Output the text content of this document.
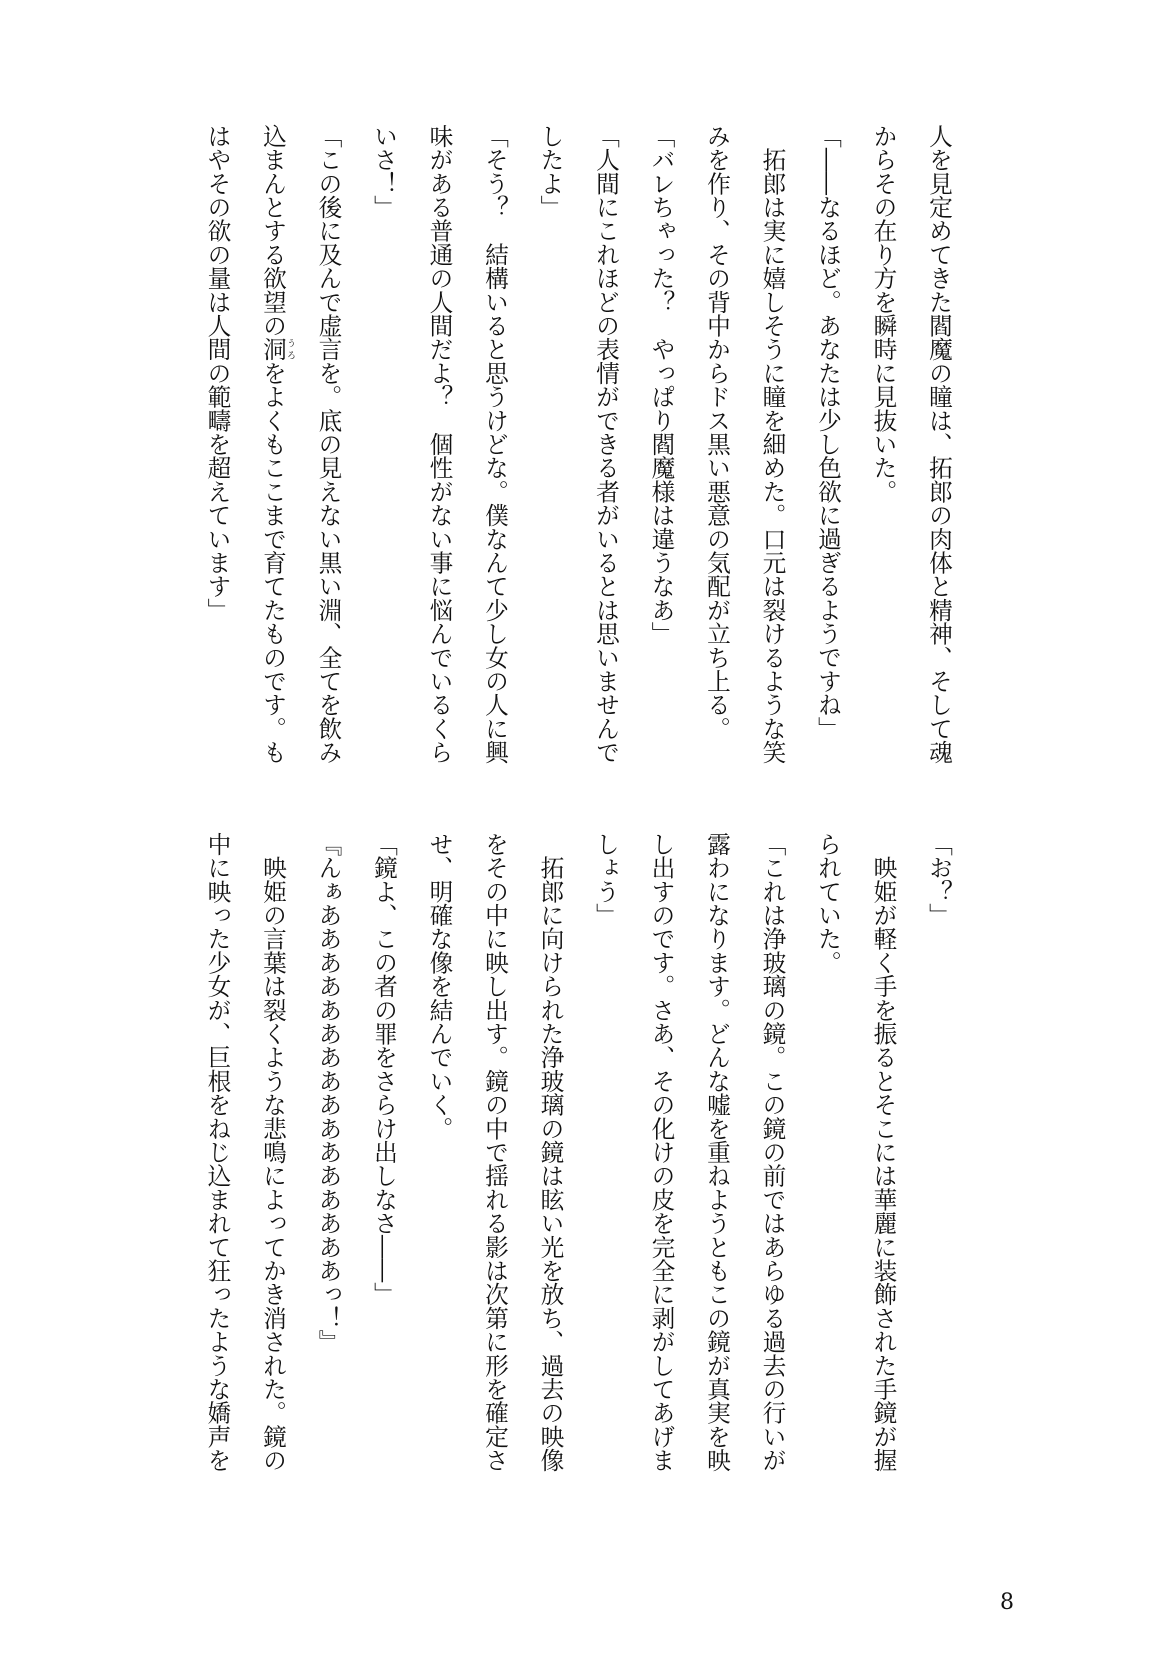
人を見定めてきた閻魔の瞳は、拓郎の肉体と精神、そして魂
からその在り方を瞬時に見抜いた。
「――なるほど。あなたは少し色欲に過ぎるようですね」
　拓郎は実に嬉しそうに瞳を細めた。口元は裂けるような笑
みを作り、その背中からドス黒い悪意の気配が立ち上る。
「バレちゃった？　やっぱり閻魔様は違うなあ」
「人間にこれほどの表情ができる者がいるとは思いませんで
したよ」
「そう？　結構いると思うけどな。僕なんて少し女の人に興
味がある普通の人間だよ？　個性がない事に悩んでいるくら
いさ！」
「この後に及んで虚言を。底の見えない黒い淵、全てを飲み
込まんとする欲望の洞うろをよくもここまで育てたものです。も
はやその欲の量は人間の範疇を超えています」
「お？」
　映姫が軽く手を振るとそこには華麗に装飾された手鏡が握
られていた。
「これは浄玻璃の鏡。この鏡の前ではあらゆる過去の行いが
露わになります。どんな嘘を重ねようともこの鏡が真実を映
し出すのです。さあ、その化けの皮を完全に剥がしてあげま
しょう」
　拓郎に向けられた浄玻璃の鏡は眩い光を放ち、過去の映像
をその中に映し出す。鏡の中で揺れる影は次第に形を確定さ
せ、明確な像を結んでいく。
「鏡よ、この者の罪をさらけ出しなさ――」
『んぁああああああああああああああああっ！』
　映姫の言葉は裂くような悲鳴によってかき消された。鏡の
中に映った少女が、巨根をねじ込まれて狂ったような嬌声を
8
